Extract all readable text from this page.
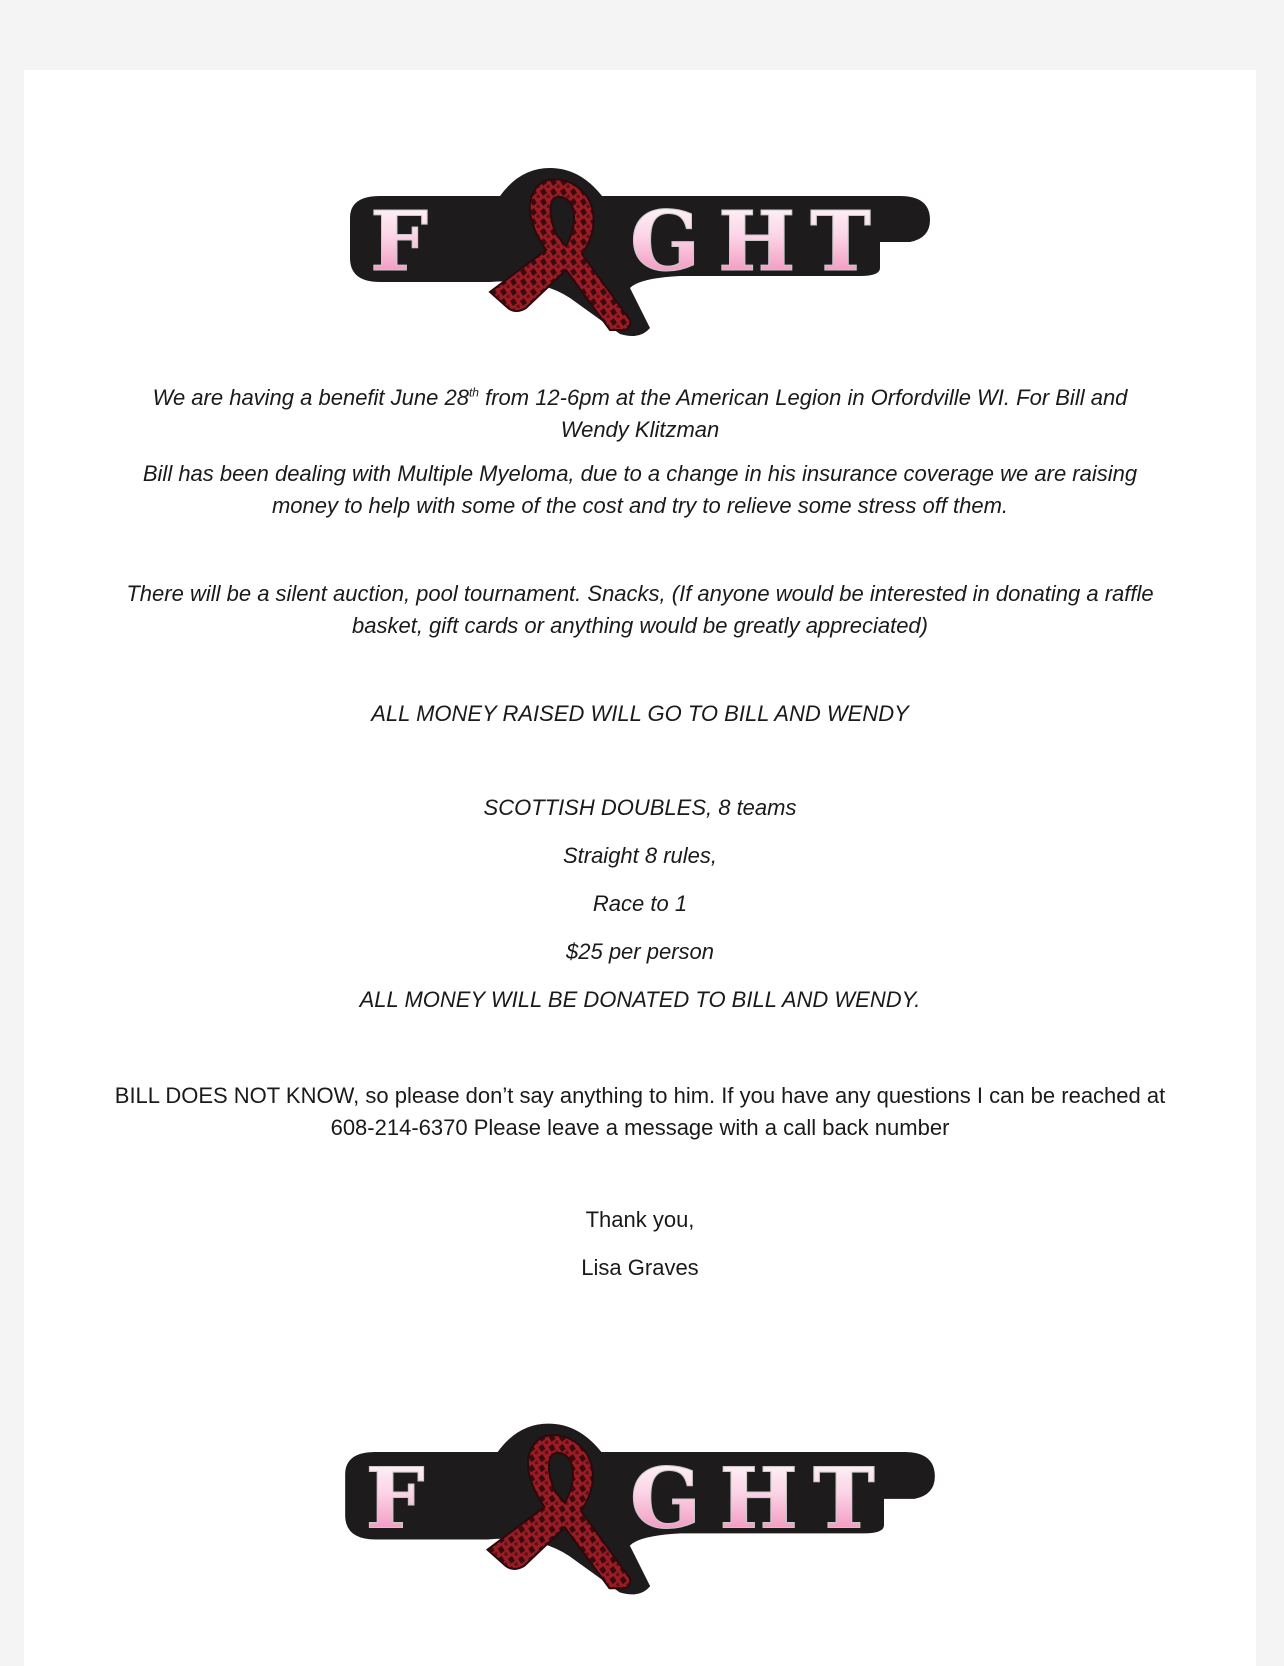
F G H T

We are having a benefit June 28th from 12-6pm at the American Legion in Orfordville WI. For Bill and

Wendy Klitzman

Bill has been dealing with Multiple Myeloma, due to a change in his insurance coverage we are raising

money to help with some of the cost and try to relieve some stress off them.

There will be a silent auction, pool tournament. Snacks, (If anyone would be interested in donating a raffle

basket, gift cards or anything would be greatly appreciated)

ALL MONEY RAISED WILL GO TO BILL AND WENDY

SCOTTISH DOUBLES, 8 teams

Straight 8 rules,

Race to 1

$25 per person

ALL MONEY WILL BE DONATED TO BILL AND WENDY.

BILL DOES NOT KNOW, so please don’t say anything to him. If you have any questions I can be reached at

608-214-6370 Please leave a message with a call back number

Thank you,

Lisa Graves

F	G H T
